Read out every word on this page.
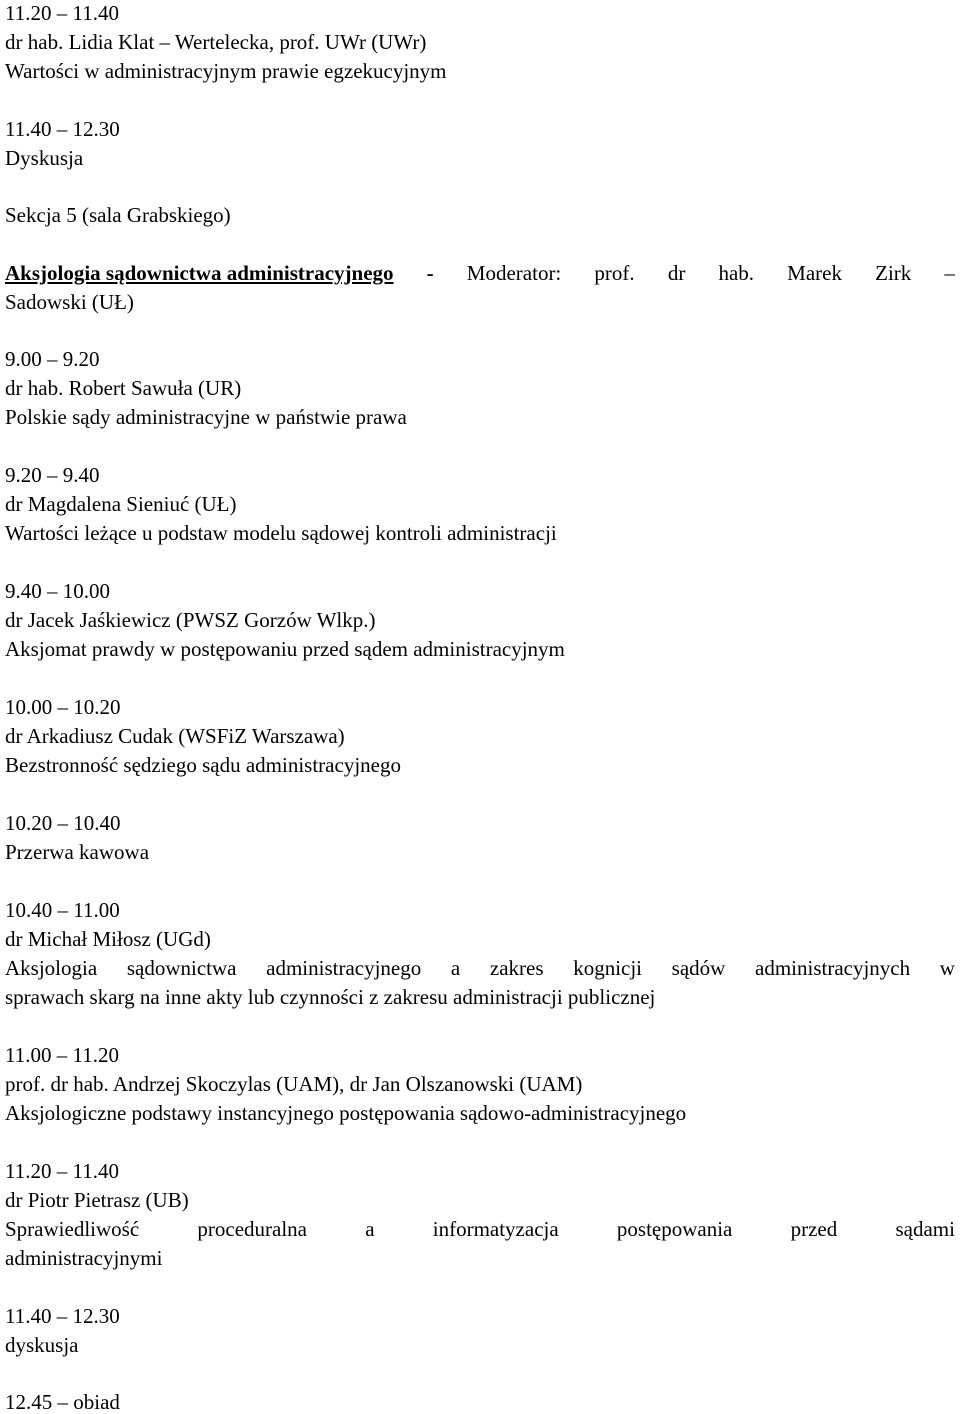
11.20 – 11.40
dr hab. Lidia Klat – Wertelecka, prof. UWr (UWr)
Wartości w administracyjnym prawie egzekucyjnym
11.40 – 12.30
Dyskusja
Sekcja 5 (sala Grabskiego)
Aksjologia sądownictwa administracyjnego - Moderator: prof. dr hab. Marek Zirk –
Sadowski (UŁ)
9.00 – 9.20
dr hab. Robert Sawuła (UR)
Polskie sądy administracyjne w państwie prawa
9.20 – 9.40
dr Magdalena Sieniuć (UŁ)
Wartości leżące u podstaw modelu sądowej kontroli administracji
9.40 – 10.00
dr Jacek Jaśkiewicz (PWSZ Gorzów Wlkp.)
Aksjomat prawdy w postępowaniu przed sądem administracyjnym
10.00 – 10.20
dr Arkadiusz Cudak (WSFiZ Warszawa)
Bezstronność sędziego sądu administracyjnego
10.20 – 10.40
Przerwa kawowa
10.40 – 11.00
dr Michał Miłosz (UGd)
Aksjologia sądownictwa administracyjnego a zakres kognicji sądów administracyjnych w
sprawach skarg na inne akty lub czynności z zakresu administracji publicznej
11.00 – 11.20
prof. dr hab. Andrzej Skoczylas (UAM), dr Jan Olszanowski (UAM)
Aksjologiczne podstawy instancyjnego postępowania sądowo-administracyjnego
11.20 – 11.40
dr Piotr Pietrasz (UB)
Sprawiedliwość	proceduralna	a	informatyzacja	postępowania	przed	sądami
administracyjnymi
11.40 – 12.30
dyskusja
12.45 – obiad
